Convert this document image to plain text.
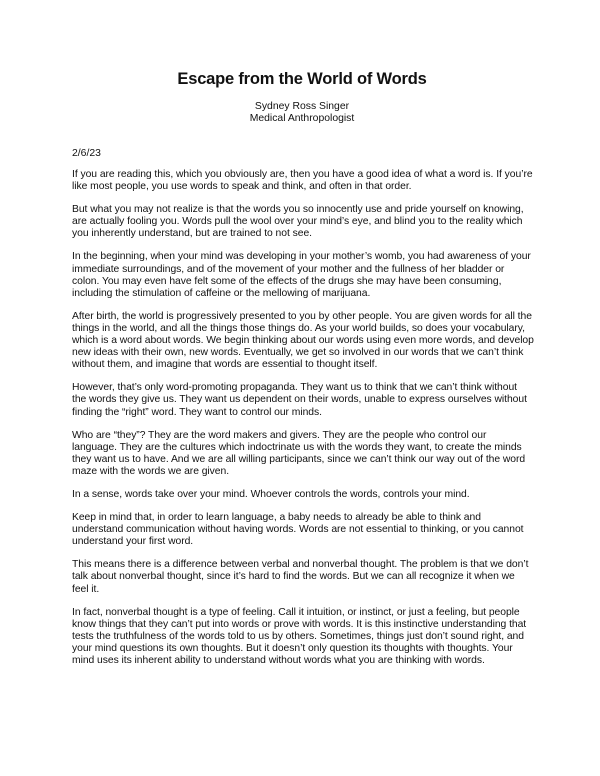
Escape from the World of Words

Sydney Ross Singer

Medical Anthropologist

2/6/23

If you are reading this, which you obviously are, then you have a good idea of what a word is. If you’re like most people, you use words to speak and think, and often in that order.

But what you may not realize is that the words you so innocently use and pride yourself on knowing, are actually fooling you. Words pull the wool over your mind’s eye, and blind you to the reality which you inherently understand, but are trained to not see.

In the beginning, when your mind was developing in your mother’s womb, you had awareness of your immediate surroundings, and of the movement of your mother and the fullness of her bladder or colon. You may even have felt some of the effects of the drugs she may have been consuming, including the stimulation of caffeine or the mellowing of marijuana.

After birth, the world is progressively presented to you by other people. You are given words for all the things in the world, and all the things those things do. As your world builds, so does your vocabulary, which is a word about words. We begin thinking about our words using even more words, and develop new ideas with their own, new words. Eventually, we get so involved in our words that we can’t think without them, and imagine that words are essential to thought itself.

However, that’s only word-promoting propaganda. They want us to think that we can’t think without the words they give us. They want us dependent on their words, unable to express ourselves without finding the “right” word. They want to control our minds.

Who are “they”? They are the word makers and givers. They are the people who control our language. They are the cultures which indoctrinate us with the words they want, to create the minds they want us to have. And we are all willing participants, since we can’t think our way out of the word maze with the words we are given.

In a sense, words take over your mind. Whoever controls the words, controls your mind.

Keep in mind that, in order to learn language, a baby needs to already be able to think and understand communication without having words. Words are not essential to thinking, or you cannot understand your first word.

This means there is a difference between verbal and nonverbal thought. The problem is that we don’t talk about nonverbal thought, since it’s hard to find the words. But we can all recognize it when we feel it.

In fact, nonverbal thought is a type of feeling. Call it intuition, or instinct, or just a feeling, but people know things that they can’t put into words or prove with words. It is this instinctive understanding that tests the truthfulness of the words told to us by others. Sometimes, things just don’t sound right, and your mind questions its own thoughts. But it doesn’t only question its thoughts with thoughts. Your mind uses its inherent ability to understand without words what you are thinking with words.
